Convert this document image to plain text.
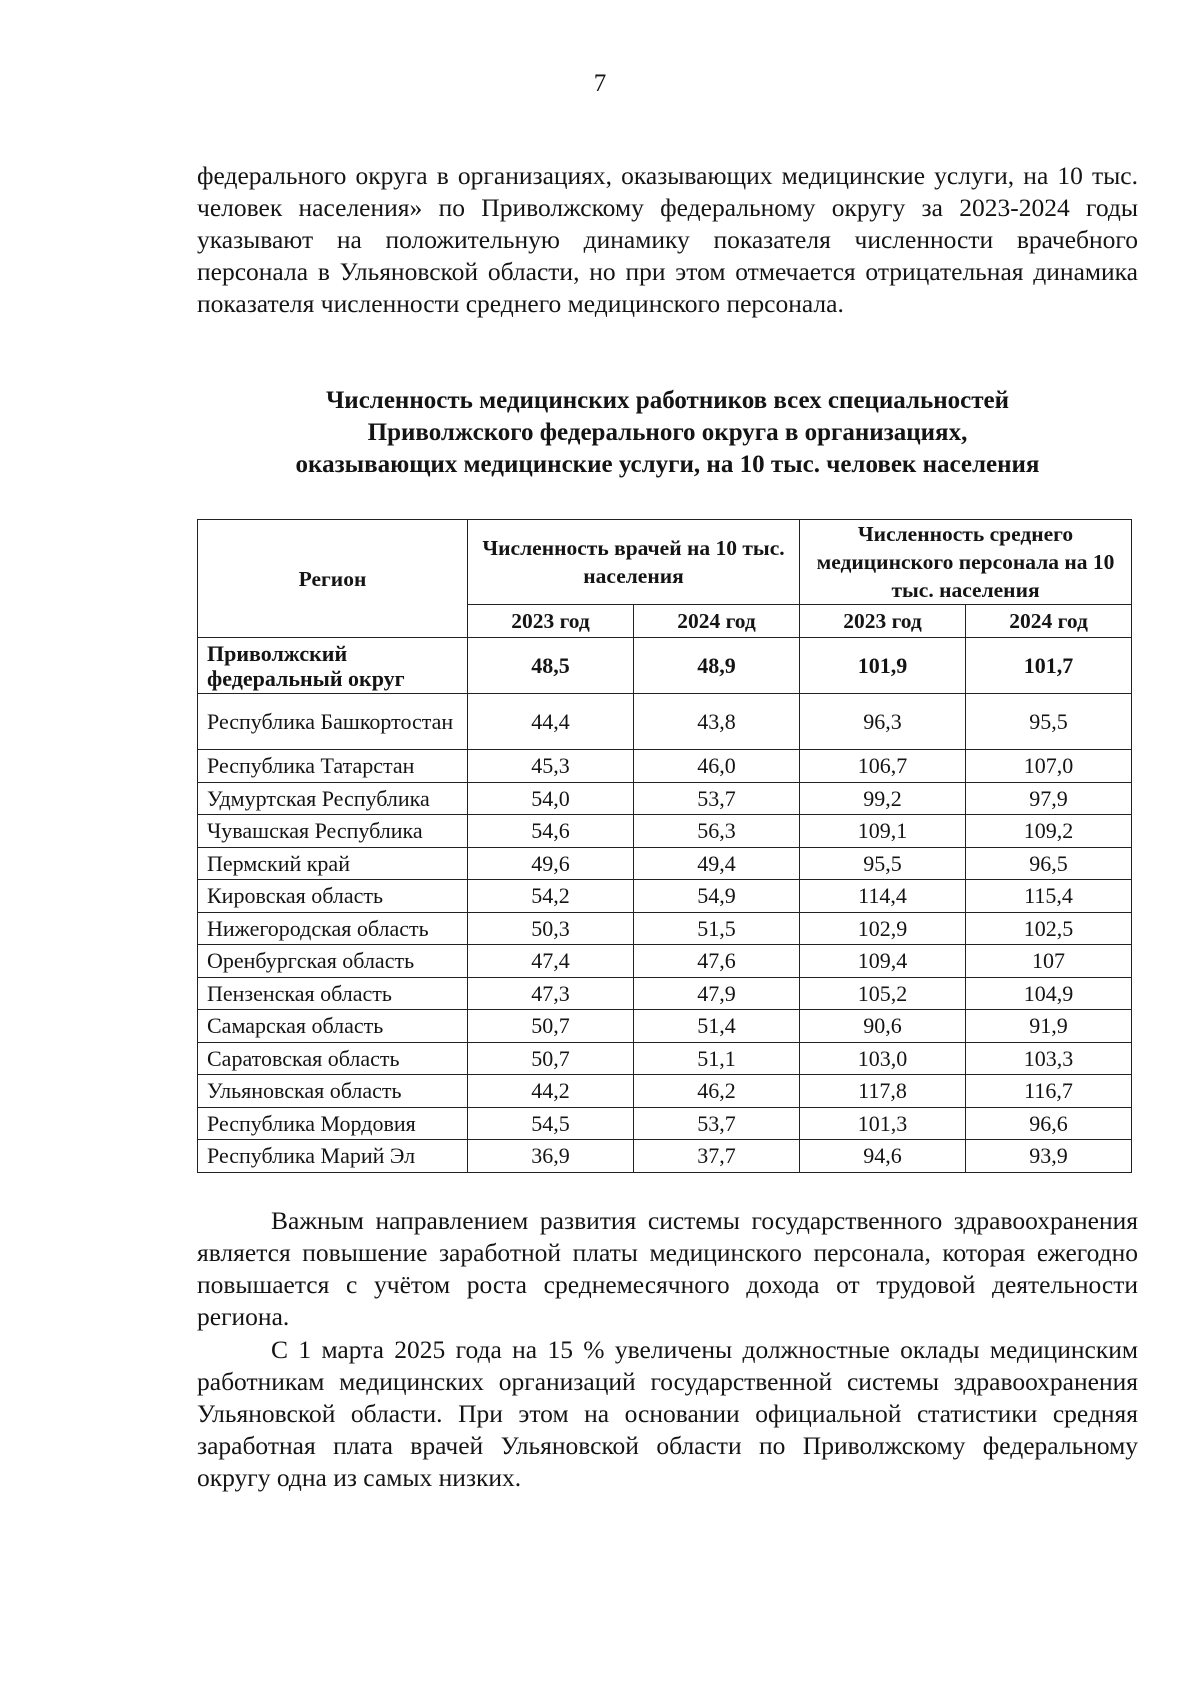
7

федерального округа в организациях, оказывающих медицинские услуги, на 10 тыс. человек населения» по Приволжскому федеральному округу за 2023-2024 годы указывают на положительную динамику показателя численности врачебного персонала в Ульяновской области, но при этом отмечается отрицательная динамика показателя численности среднего медицинского персонала.

Численность медицинских работников всех специальностей
Приволжского федерального округа в организациях,
оказывающих медицинские услуги, на 10 тыс. человек населения
Регион	Численность врачей на 10 тыс. населения		Численность среднего медицинского персонала на 10 тыс. населения	
	2023 год	2024 год	2023 год	2024 год
Приволжский федеральный округ	48,5	48,9	101,9	101,7
Республика Башкортостан	44,4	43,8	96,3	95,5
Республика Татарстан	45,3	46,0	106,7	107,0
Удмуртская Республика	54,0	53,7	99,2	97,9
Чувашская Республика	54,6	56,3	109,1	109,2
Пермский край	49,6	49,4	95,5	96,5
Кировская область	54,2	54,9	114,4	115,4
Нижегородская область	50,3	51,5	102,9	102,5
Оренбургская область	47,4	47,6	109,4	107
Пензенская область	47,3	47,9	105,2	104,9
Самарская область	50,7	51,4	90,6	91,9
Саратовская область	50,7	51,1	103,0	103,3
Ульяновская область	44,2	46,2	117,8	116,7
Республика Мордовия	54,5	53,7	101,3	96,6
Республика Марий Эл	36,9	37,7	94,6	93,9

Важным направлением развития системы государственного здравоохранения является повышение заработной платы медицинского персонала, которая ежегодно повышается с учётом роста среднемесячного дохода от трудовой деятельности региона.

С 1 марта 2025 года на 15 % увеличены должностные оклады медицинским работникам медицинских организаций государственной системы здравоохранения Ульяновской области. При этом на основании официальной статистики средняя заработная плата врачей Ульяновской области по Приволжскому федеральному округу одна из самых низких.
